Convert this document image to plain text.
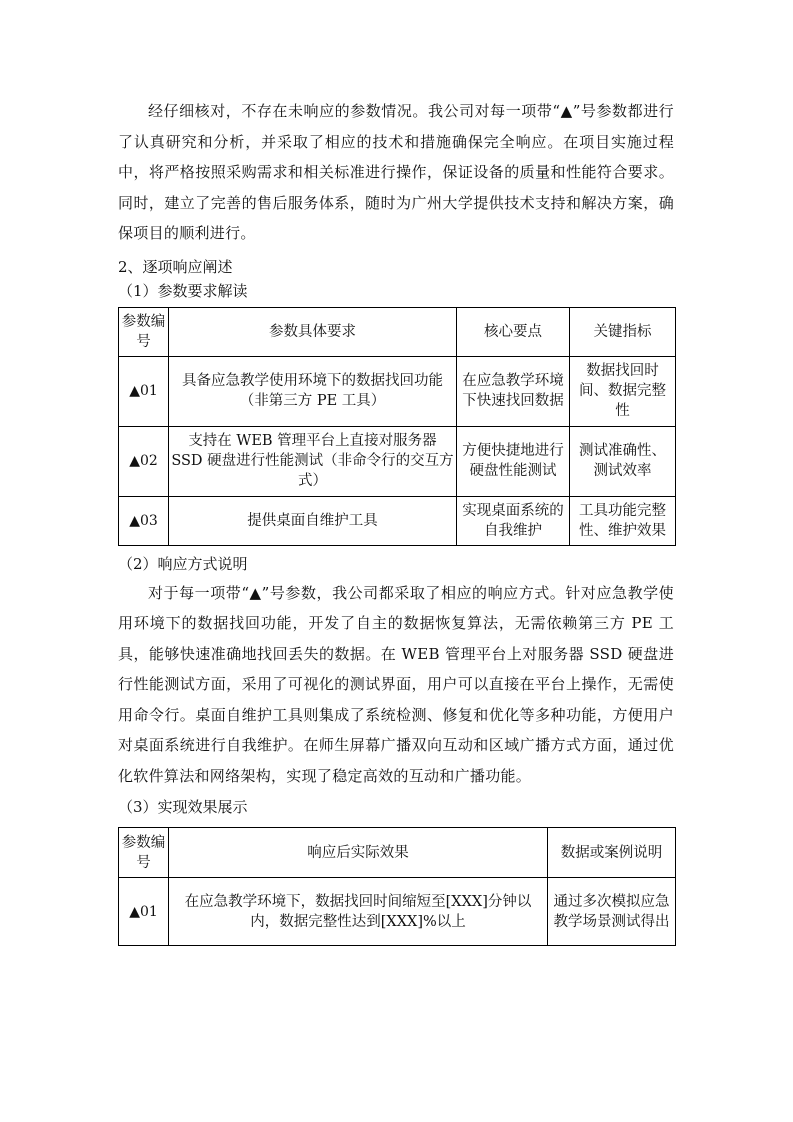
经仔细核对，不存在未响应的参数情况。我公司对每一项带“▲”号参数都进行了认真研究和分析，并采取了相应的技术和措施确保完全响应。在项目实施过程中，将严格按照采购需求和相关标准进行操作，保证设备的质量和性能符合要求。同时，建立了完善的售后服务体系，随时为广州大学提供技术支持和解决方案，确保项目的顺利进行。

2、逐项响应阐述

（1）参数要求解读

参数编号	参数具体要求	核心要点	关键指标
▲01	具备应急教学使用环境下的数据找回功能（非第三方 PE 工具）	在应急教学环境下快速找回数据	数据找回时间、数据完整性
▲02	支持在 WEB 管理平台上直接对服务器 SSD 硬盘进行性能测试（非命令行的交互方式）	方便快捷地进行硬盘性能测试	测试准确性、测试效率
▲03	提供桌面自维护工具	实现桌面系统的自我维护	工具功能完整性、维护效果

（2）响应方式说明

对于每一项带“▲”号参数，我公司都采取了相应的响应方式。针对应急教学使用环境下的数据找回功能，开发了自主的数据恢复算法，无需依赖第三方 PE 工具，能够快速准确地找回丢失的数据。在 WEB 管理平台上对服务器 SSD 硬盘进行性能测试方面，采用了可视化的测试界面，用户可以直接在平台上操作，无需使用命令行。桌面自维护工具则集成了系统检测、修复和优化等多种功能，方便用户对桌面系统进行自我维护。在师生屏幕广播双向互动和区域广播方式方面，通过优化软件算法和网络架构，实现了稳定高效的互动和广播功能。

（3）实现效果展示

参数编号	响应后实际效果	数据或案例说明
▲01	在应急教学环境下，数据找回时间缩短至[XXX]分钟以内，数据完整性达到[XXX]%以上	通过多次模拟应急教学场景测试得出
